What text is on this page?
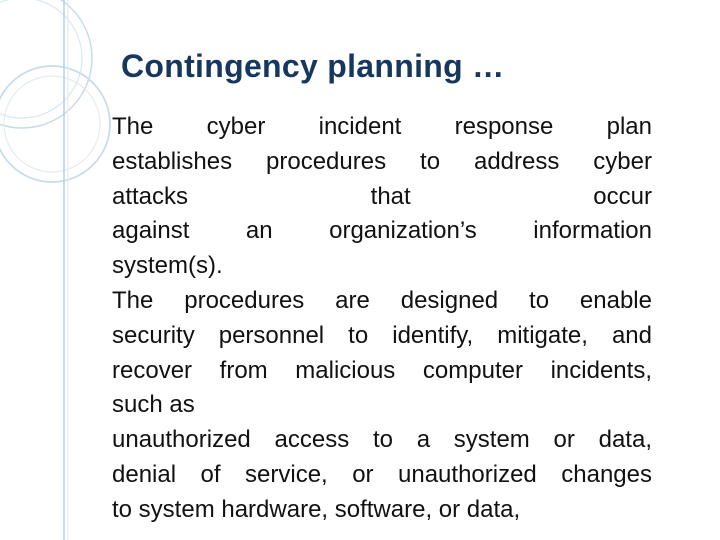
Contingency planning …
The cyber incident response plan
establishes procedures to address cyber
attacks that occur
against an organization’s information
system(s).
The procedures are designed to enable
security personnel to identify, mitigate, and
recover from malicious computer incidents,
such as
unauthorized access to a system or data,
denial of service, or unauthorized changes
to system hardware, software, or data,
